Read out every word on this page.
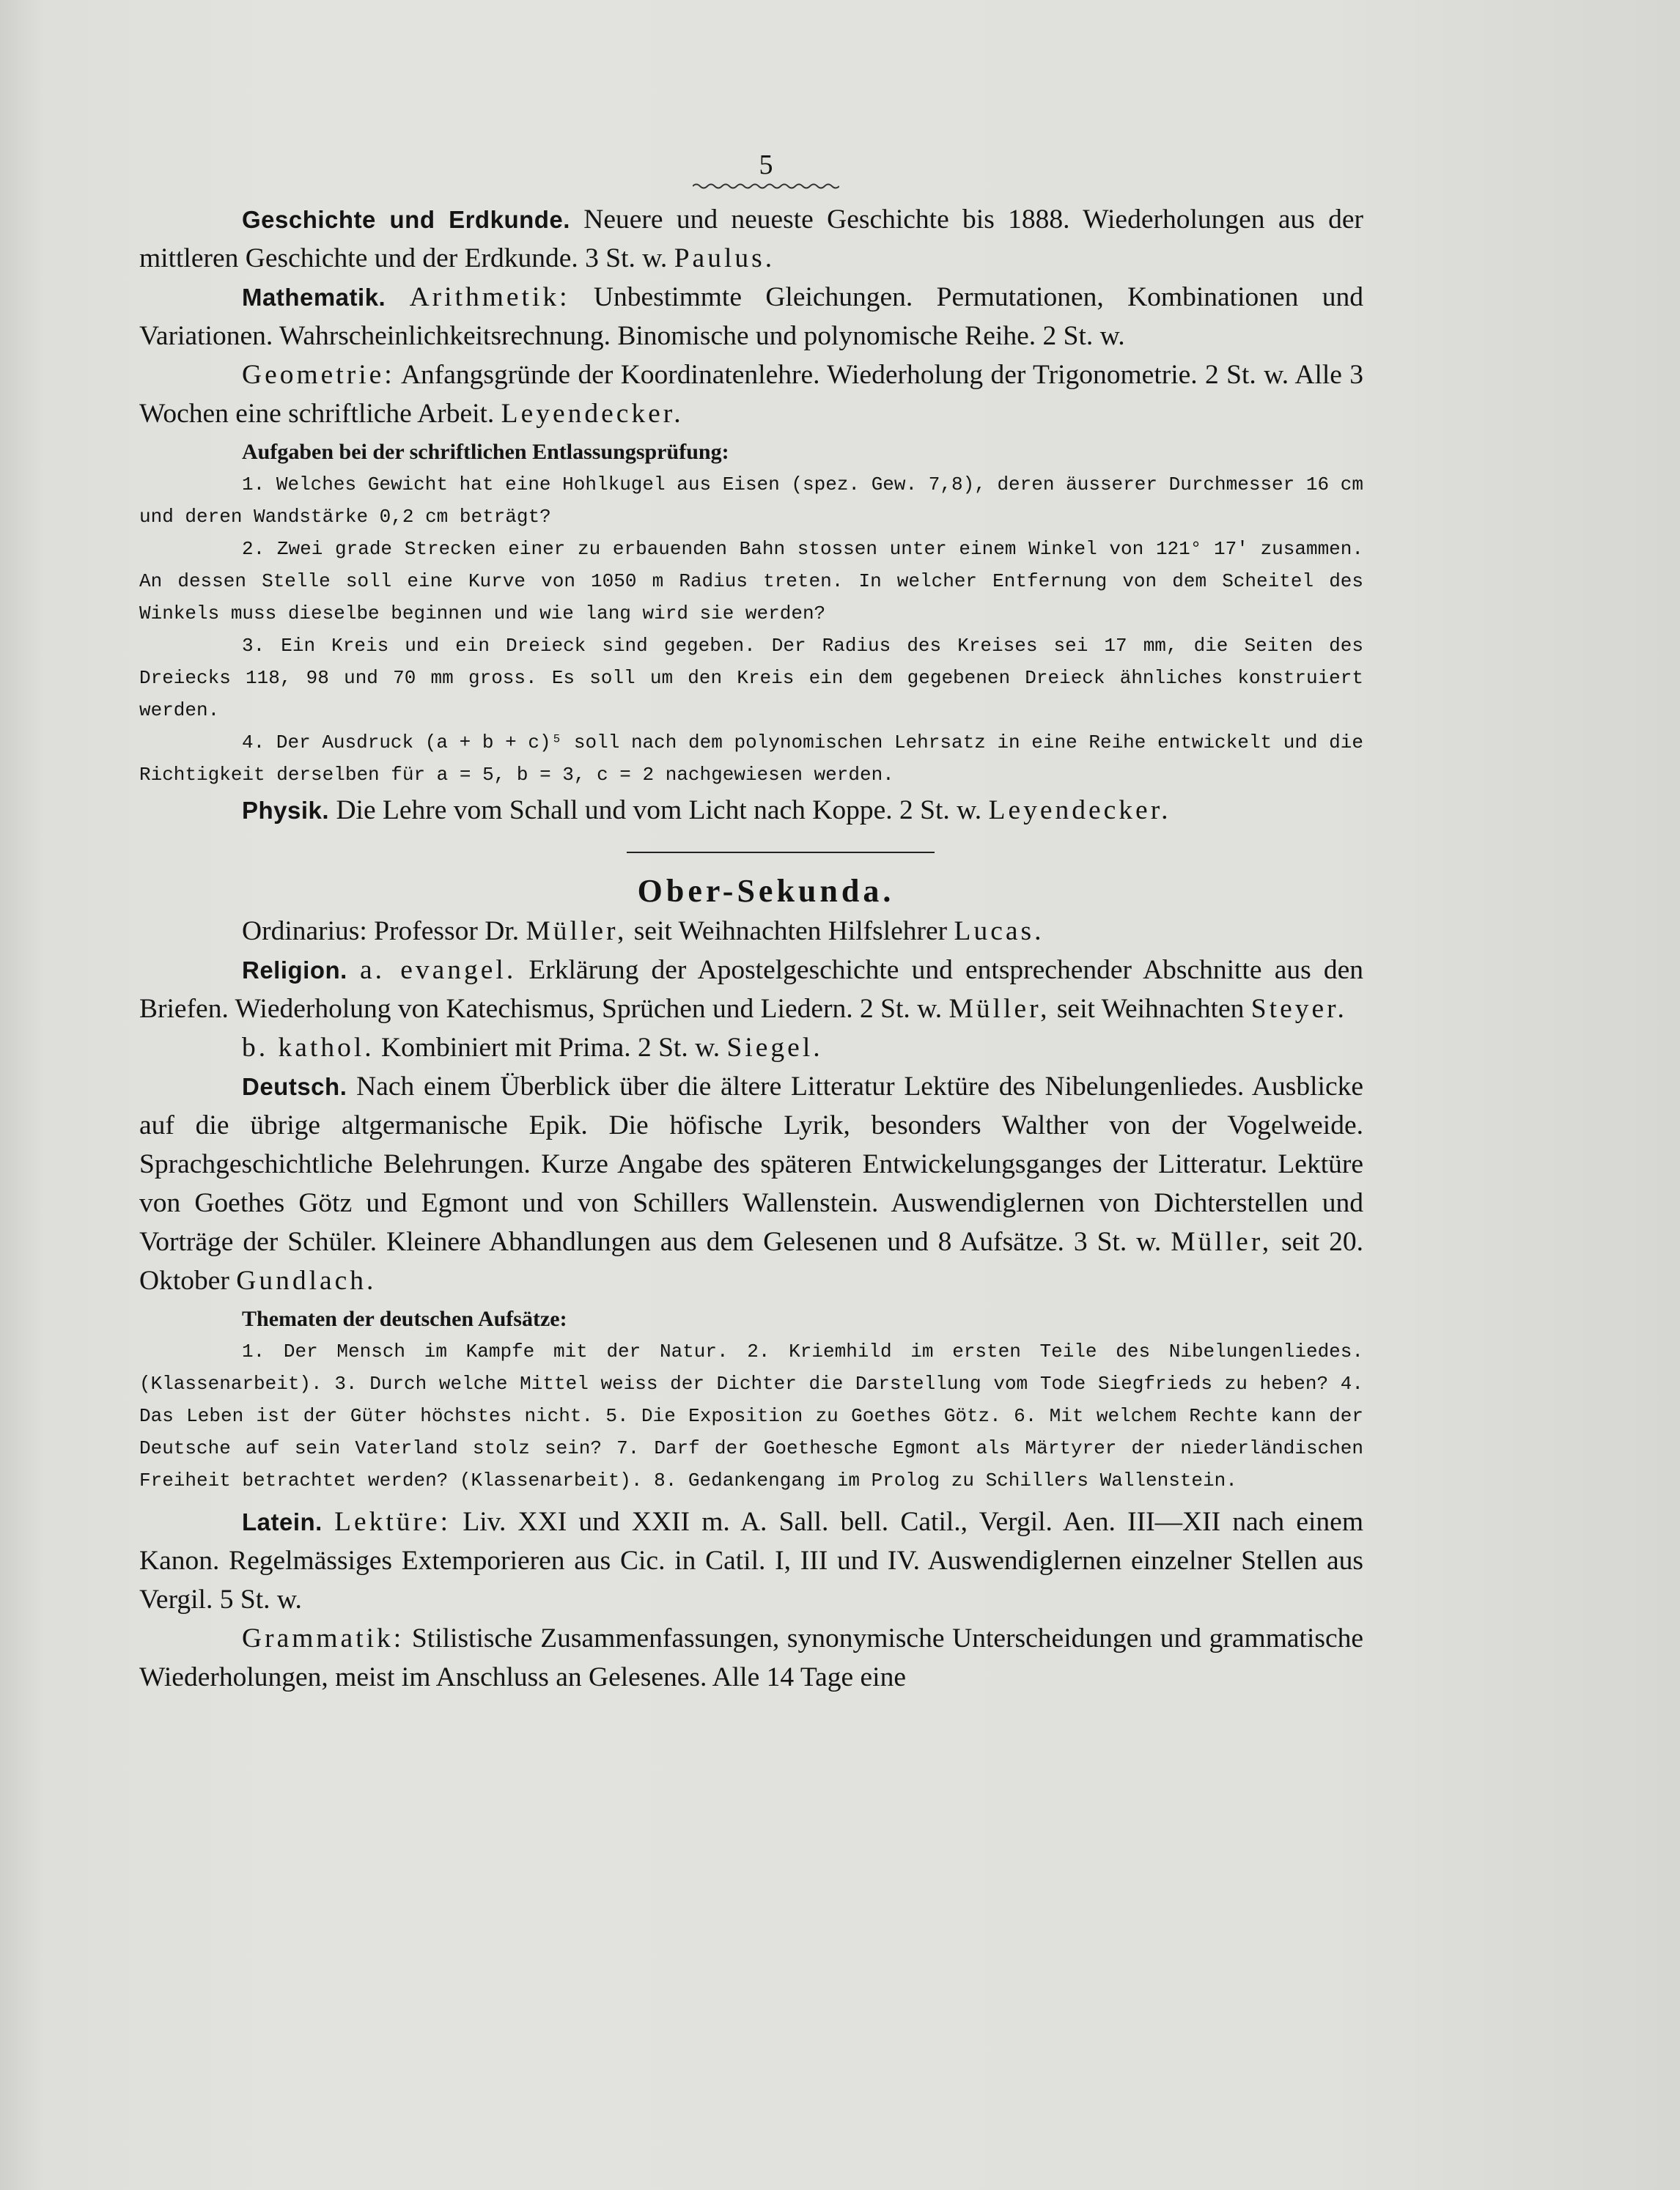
5

Geschichte und Erdkunde. Neuere und neueste Geschichte bis 1888. Wiederholungen aus der mittleren Geschichte und der Erdkunde. 3 St. w. Paulus.

Mathematik. Arithmetik: Unbestimmte Gleichungen. Permutationen, Kombinationen und Variationen. Wahrscheinlichkeitsrechnung. Binomische und polynomische Reihe. 2 St. w.

Geometrie: Anfangsgründe der Koordinatenlehre. Wiederholung der Trigonometrie. 2 St. w. Alle 3 Wochen eine schriftliche Arbeit. Leyendecker.

Aufgaben bei der schriftlichen Entlassungsprüfung:

1. Welches Gewicht hat eine Hohlkugel aus Eisen (spez. Gew. 7,8), deren äusserer Durchmesser 16 cm und deren Wandstärke 0,2 cm beträgt?

2. Zwei grade Strecken einer zu erbauenden Bahn stossen unter einem Winkel von 121° 17′ zusammen. An dessen Stelle soll eine Kurve von 1050 m Radius treten. In welcher Entfernung von dem Scheitel des Winkels muss dieselbe beginnen und wie lang wird sie werden?

3. Ein Kreis und ein Dreieck sind gegeben. Der Radius des Kreises sei 17 mm, die Seiten des Dreiecks 118, 98 und 70 mm gross. Es soll um den Kreis ein dem gegebenen Dreieck ähnliches konstruiert werden.

4. Der Ausdruck (a + b + c)⁵ soll nach dem polynomischen Lehrsatz in eine Reihe entwickelt und die Richtigkeit derselben für a = 5, b = 3, c = 2 nachgewiesen werden.

Physik. Die Lehre vom Schall und vom Licht nach Koppe. 2 St. w. Leyendecker.

Ober-Sekunda.

Ordinarius: Professor Dr. Müller, seit Weihnachten Hilfslehrer Lucas.

Religion. a. evangel. Erklärung der Apostelgeschichte und entsprechender Abschnitte aus den Briefen. Wiederholung von Katechismus, Sprüchen und Liedern. 2 St. w. Müller, seit Weihnachten Steyer.

b. kathol. Kombiniert mit Prima. 2 St. w. Siegel.

Deutsch. Nach einem Überblick über die ältere Litteratur Lektüre des Nibelungenliedes. Ausblicke auf die übrige altgermanische Epik. Die höfische Lyrik, besonders Walther von der Vogelweide. Sprachgeschichtliche Belehrungen. Kurze Angabe des späteren Entwickelungsganges der Litteratur. Lektüre von Goethes Götz und Egmont und von Schillers Wallenstein. Auswendiglernen von Dichterstellen und Vorträge der Schüler. Kleinere Abhandlungen aus dem Gelesenen und 8 Aufsätze. 3 St. w. Müller, seit 20. Oktober Gundlach.

Thematen der deutschen Aufsätze:

1. Der Mensch im Kampfe mit der Natur. 2. Kriemhild im ersten Teile des Nibelungenliedes. (Klassenarbeit). 3. Durch welche Mittel weiss der Dichter die Darstellung vom Tode Siegfrieds zu heben? 4. Das Leben ist der Güter höchstes nicht. 5. Die Exposition zu Goethes Götz. 6. Mit welchem Rechte kann der Deutsche auf sein Vaterland stolz sein? 7. Darf der Goethesche Egmont als Märtyrer der niederländischen Freiheit betrachtet werden? (Klassenarbeit). 8. Gedankengang im Prolog zu Schillers Wallenstein.

Latein. Lektüre: Liv. XXI und XXII m. A. Sall. bell. Catil., Vergil. Aen. III—XII nach einem Kanon. Regelmässiges Extemporieren aus Cic. in Catil. I, III und IV. Auswendiglernen einzelner Stellen aus Vergil. 5 St. w.

Grammatik: Stilistische Zusammenfassungen, synonymische Unterscheidungen und grammatische Wiederholungen, meist im Anschluss an Gelesenes. Alle 14 Tage eine
